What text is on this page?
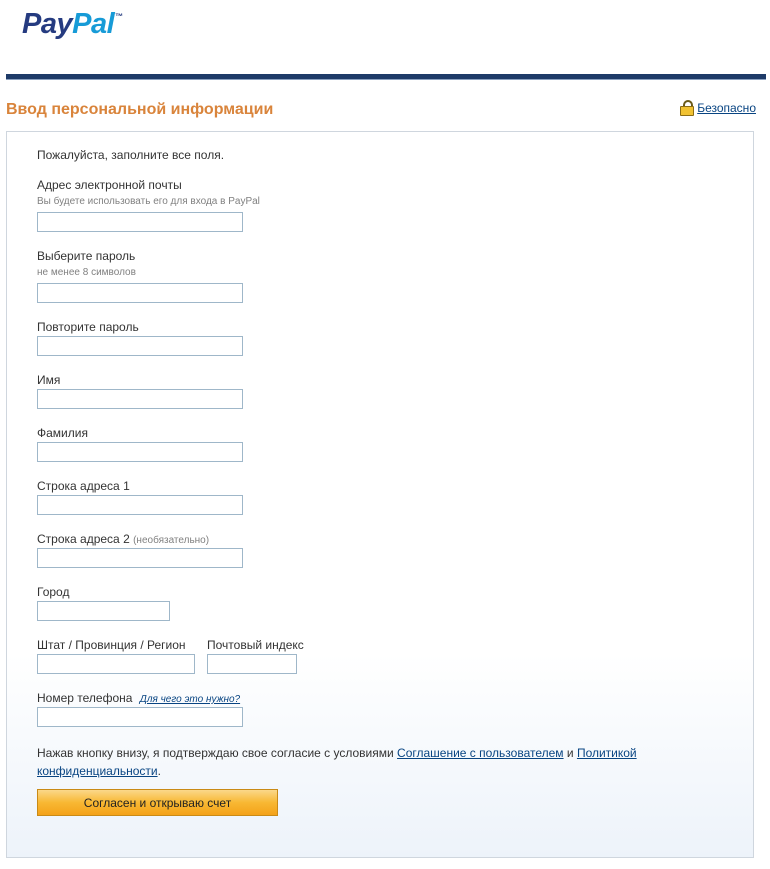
PayPal™
Ввод персональной информации	Безопасно
Пожалуйста, заполните все поля.
Адрес электронной почты
Вы будете использовать его для входа в PayPal
Выберите пароль
не менее 8 символов
Повторите пароль
Имя
Фамилия
Строка адреса 1
Строка адреса 2 (необязательно)
Город
Штат / Провинция / Регион Почтовый индекс
Номер телефона Для чего это нужно?
Нажав кнопку внизу, я подтверждаю свое согласие с условиями Соглашение с пользователем и Политикой конфиденциальности.
Согласен и открываю счет
